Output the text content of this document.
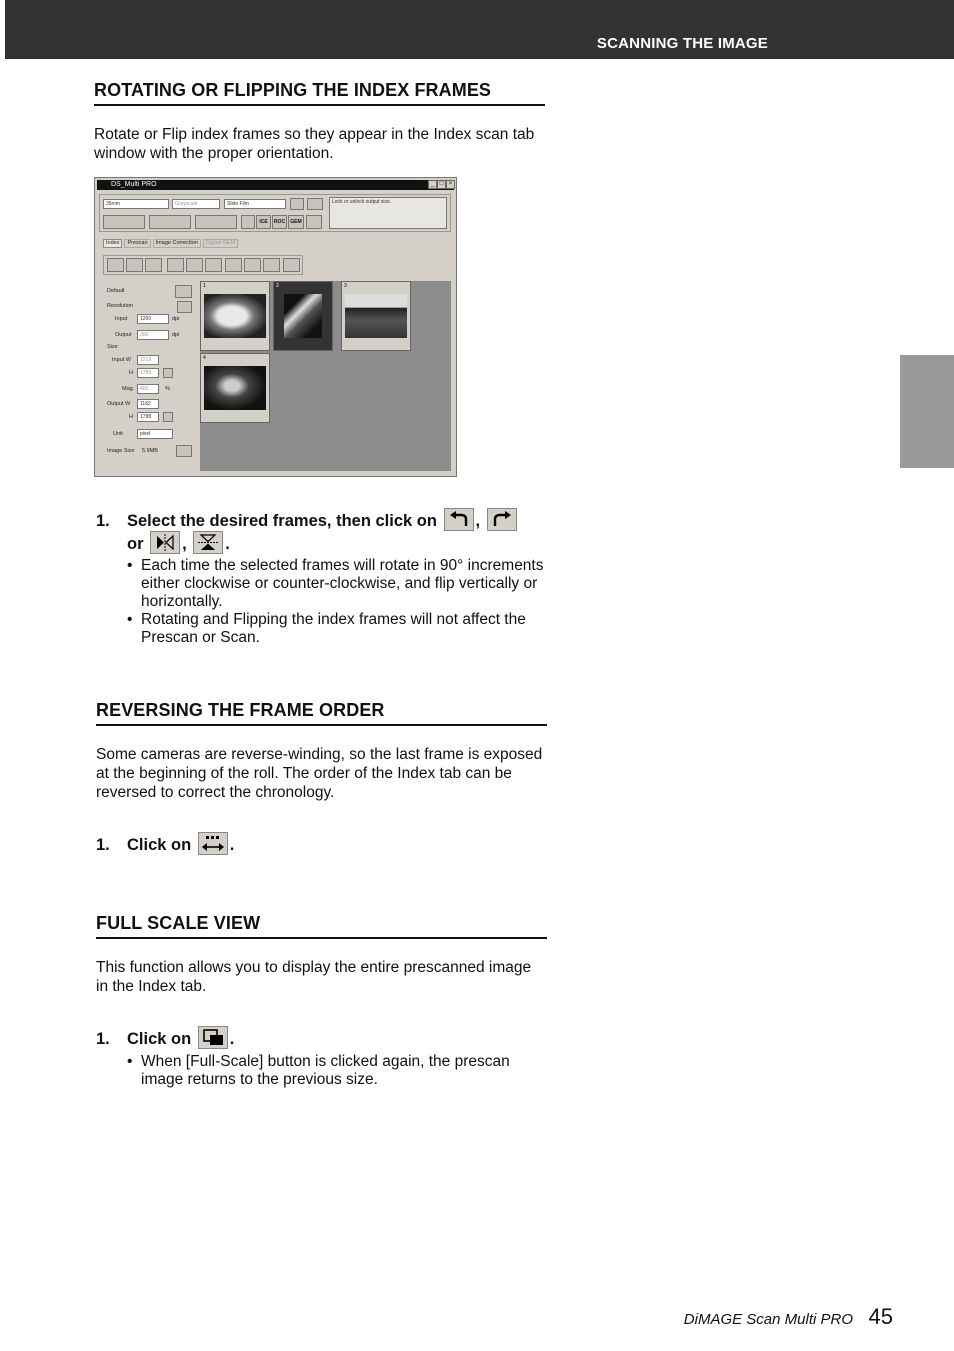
SCANNING THE IMAGE
ROTATING OR FLIPPING THE INDEX FRAMES

Rotate or Flip index frames so they appear in the Index scan tab window with the proper orientation.

DS_Multi PRO	_ □ ×
35mm	Grayscale	Slide Film	Lock or unlock output size.
ICE	ROC	GEM
Index	Prescan	Image Correction	Digital GEM
Default
Resolution
Input	1200	dpi
Output	300	dpi
Size
Input W	1219
H	1788
Mag.	400	%
Output W	1182
H	1788
Unit	pixel
Image Size 5.9MB
1	2	3
4
1. Select the desired frames, then click on ,

or , .
• Each time the selected frames will rotate in 90° increments either clockwise or counter-clockwise, and flip vertically or horizontally.
• Rotating and Flipping the index frames will not affect the Prescan or Scan.
REVERSING THE FRAME ORDER

Some cameras are reverse-winding, so the last frame is exposed at the beginning of the roll. The order of the Index tab can be reversed to correct the chronology.

1. Click on .
FULL SCALE VIEW

This function allows you to display the entire prescanned image in the Index tab.

1. Click on .
• When [Full-Scale] button is clicked again, the prescan image returns to the previous size.
DiMAGE Scan Multi PRO 45
